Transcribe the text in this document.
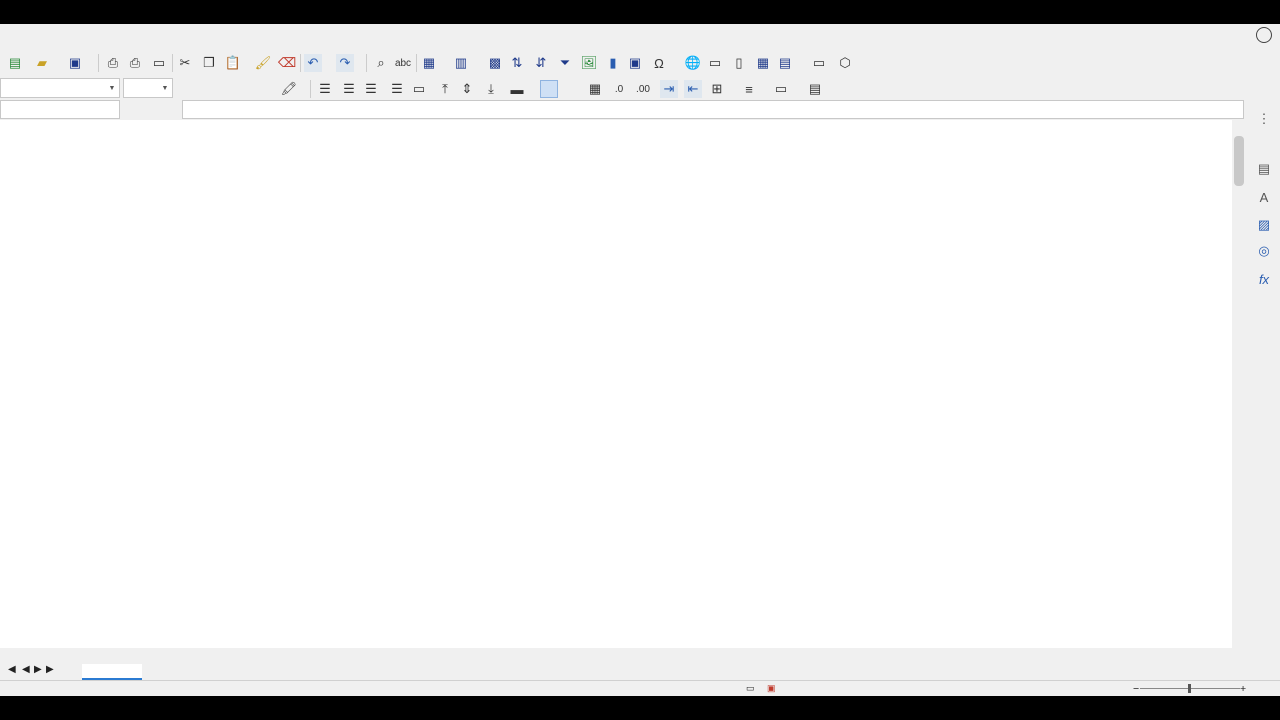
▤	▰	▣ ⎙ ⎙ ▭ ✂ ❐ 📋 🖌 ⌫ ↶ ↷	⌕	abc ▦ ▥ ▩ ⇅ ⇵ ⏷ 🖼 ▮ ▣	Ω	🌐 ▭	▯	▦ ▤ ▭ ⬡
▼	▼	🖍 ☰ ☰ ☰ ☰ ▭	⤒	⇕	⤓	▬	▦	.0	.00 ⇥ ⇤ ⊞	≡	▭ ▤
⋮
▤
A
▨
◎
fx
◀ ◀ ▶ ▶
▭ ▣	−	+
